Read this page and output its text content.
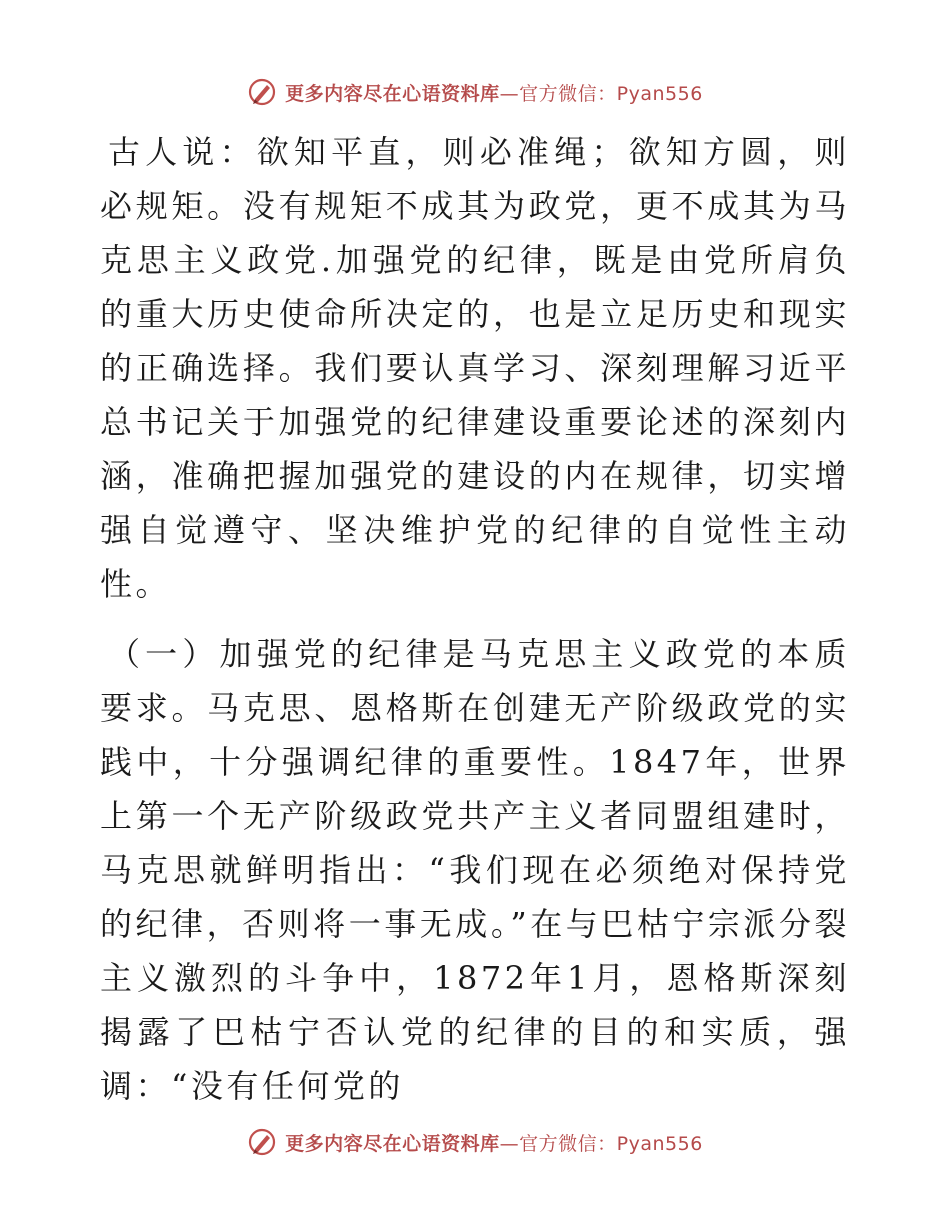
更多内容尽在心语资料库—官方微信：Pyan556

古人说：欲知平直，则必准绳；欲知方圆，则必规矩。没有规矩不成其为政党，更不成其为马克思主义政党.加强党的纪律，既是由党所肩负的重大历史使命所决定的，也是立足历史和现实的正确选择。我们要认真学习、深刻理解习近平总书记关于加强党的纪律建设重要论述的深刻内涵，准确把握加强党的建设的内在规律，切实增强自觉遵守、坚决维护党的纪律的自觉性主动性。

（一）加强党的纪律是马克思主义政党的本质要求。马克思、恩格斯在创建无产阶级政党的实践中，十分强调纪律的重要性。1847年，世界上第一个无产阶级政党共产主义者同盟组建时，马克思就鲜明指出：“我们现在必须绝对保持党的纪律，否则将一事无成。”在与巴枯宁宗派分裂主义激烈的斗争中，1872年1月，恩格斯深刻揭露了巴枯宁否认党的纪律的目的和实质，强调：“没有任何党的

更多内容尽在心语资料库—官方微信：Pyan556
